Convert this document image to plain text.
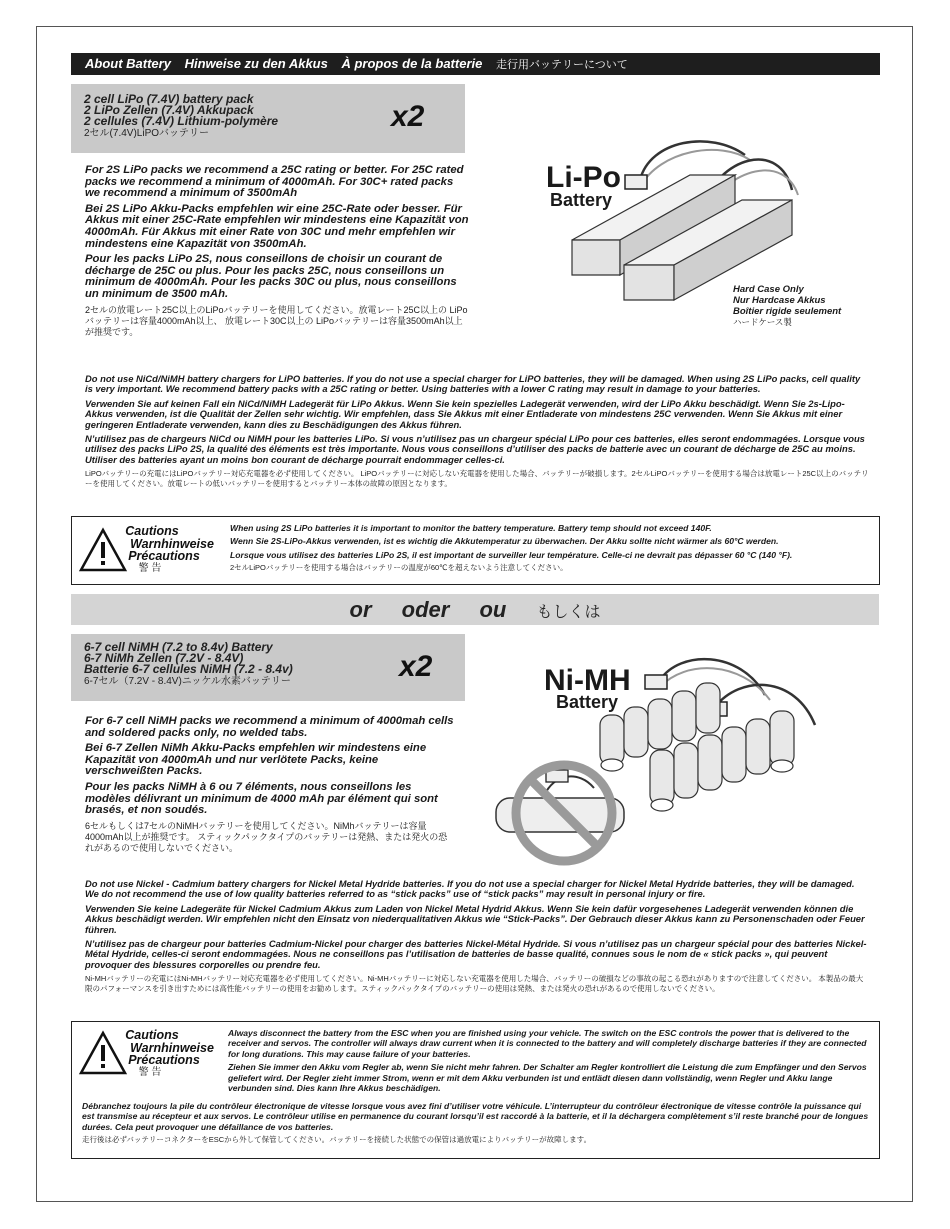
About Battery Hinweise zu den Akkus À propos de la batterie 走行用バッテリーについて
2 cell LiPo (7.4V) battery pack
2 LiPo Zellen (7.4V) Akkupack
2 cellules (7.4V) Lithium-polymère
2セル(7.4V)LiPOバッテリー
x2

For 2S LiPo packs we recommend a 25C rating or better. For 25C rated packs we recommend a minimum of 4000mAh. For 30C+ rated packs we recommend a minimum of 3500mAh

Bei 2S LiPo Akku-Packs empfehlen wir eine 25C-Rate oder besser. Für Akkus mit einer 25C-Rate empfehlen wir mindestens eine Kapazität von 4000mAh. Für Akkus mit einer Rate von 30C und mehr empfehlen wir mindestens eine Kapazität von 3500mAh.

Pour les packs LiPo 2S, nous conseillons de choisir un courant de décharge de 25C ou plus. Pour les packs 25C, nous conseillons un minimum de 4000mAh. Pour les packs 30C ou plus, nous conseillons un minimum de 3500 mAh.

2セルの放電レート25C以上のLiPoバッテリーを使用してください。放電レート25C以上の LiPoバッテリーは容量4000mAh以上、 放電レート30C以上の LiPoバッテリーは容量3500mAh以上が推奨です。

Li-Po
Battery
Hard Case Only
Nur Hardcase Akkus
Boîtier rigide seulement
ハードケース製

Do not use NiCd/NiMH battery chargers for LiPO batteries. If you do not use a special charger for LiPO batteries, they will be damaged. When using 2S LiPo packs, cell quality is very important. We recommend battery packs with a 25C rating or better. Using batteries with a lower C rating may result in damage to your batteries.

Verwenden Sie auf keinen Fall ein NiCd/NiMH Ladegerät für LiPo Akkus. Wenn Sie kein spezielles Ladegerät verwenden, wird der LiPo Akku beschädigt. Wenn Sie 2s-Lipo-Akkus verwenden, ist die Qualität der Zellen sehr wichtig. Wir empfehlen, dass Sie Akkus mit einer Entladerate von mindestens 25C verwenden. Wenn Sie Akkus mit einer geringeren Entladerate verwenden, kann dies zu Beschädigungen des Akkus führen.

N’utilisez pas de chargeurs NiCd ou NiMH pour les batteries LiPo. Si vous n’utilisez pas un chargeur spécial LiPo pour ces batteries, elles seront endommagées. Lorsque vous utilisez des packs LiPo 2S, la qualité des éléments est très importante. Nous vous conseillons d’utiliser des packs de batterie avec un courant de décharge de 25C au moins. Utiliser des batteries ayant un moins bon courant de décharge pourrait endommager celles-ci.

LiPOバッテリーの充電にはLiPOバッテリー対応充電器を必ず使用してください。 LiPOバッテリーに対応しない充電器を使用した場合、バッテリーが破損します。2セルLiPOバッテリーを使用する場合は放電レート25C以上のバッテリーを使用してください。放電レートの低いバッテリーを使用するとバッテリー本体の故障の原因となります。

Cautions
Warnhinweise
Précautions
警 告

When using 2S LiPo batteries it is important to monitor the battery temperature. Battery temp should not exceed 140F.

Wenn Sie 2S-LiPo-Akkus verwenden, ist es wichtig die Akkutemperatur zu überwachen. Der Akku sollte nicht wärmer als 60°C werden.

Lorsque vous utilisez des batteries LiPo 2S, il est important de surveiller leur température. Celle-ci ne devrait pas dépasser 60 °C (140 °F).

2セルLiPOバッテリーを使用する場合はバッテリーの温度が60℃を超えないよう注意してください。

or oder ou もしくは
6-7 cell NiMH (7.2 to 8.4v) Battery
6-7 NiMh Zellen (7.2V - 8.4V)
Batterie 6-7 cellules NiMH (7.2 - 8.4v)
6-7セル（7.2V - 8.4V)ニッケル水素バッテリー	x2

For 6-7 cell NiMH packs we recommend a minimum of 4000mah cells and soldered packs only, no welded tabs.

Bei 6-7 Zellen NiMh Akku-Packs empfehlen wir mindestens eine Kapazität von 4000mAh und nur verlötete Packs, keine verschweißten Packs.

Pour les packs NiMH à 6 ou 7 éléments, nous conseillons les modèles délivrant un minimum de 4000 mAh par élément qui sont brasés, et non soudés.

6セルもしくは7セルのNiMHバッテリーを使用してください。NiMhバッテリーは容量4000mAh以上が推奨です。 スティックパックタイプのバッテリーは発熱、または発火の恐れがあるので使用しないでください。

Ni-MH
Battery

Do not use Nickel - Cadmium battery chargers for Nickel Metal Hydride batteries. If you do not use a special charger for Nickel Metal Hydride batteries, they will be damaged. We do not recommend the use of low quality batteries referred to as “stick packs” use of “stick packs” may result in personal injury or fire.

Verwenden Sie keine Ladegeräte für Nickel Cadmium Akkus zum Laden von Nickel Metal Hydrid Akkus. Wenn Sie kein dafür vorgesehenes Ladegerät verwenden können die Akkus beschädigt werden. Wir empfehlen nicht den Einsatz von niederqualitativen Akkus wie “Stick-Packs”. Der Gebrauch dieser Akkus kann zu Personenschaden oder Feuer führen.

N’utilisez pas de chargeur pour batteries Cadmium-Nickel pour charger des batteries Nickel-Métal Hydride. Si vous n’utilisez pas un chargeur spécial pour des batteries Nickel-Métal Hydride, celles-ci seront endommagées. Nous ne conseillons pas l’utilisation de batteries de basse qualité, connues sous le nom de « stick packs », qui peuvent provoquer des blessures corporelles ou prendre feu.

Ni-MHバッテリーの充電にはNi-MHバッテリー対応充電器を必ず使用してください。Ni-MHバッテリーに対応しない充電器を使用した場合、バッテリーの破損などの事故の起こる恐れがありますので注意してください。 本製品の最大限のパフォーマンスを引き出すためには高性能バッテリーの使用をお勧めします。スティックパックタイプのバッテリーの使用は発熱、または発火の恐れがあるので使用しないでください。

Cautions
Warnhinweise
Précautions
警 告

Always disconnect the battery from the ESC when you are finished using your vehicle. The switch on the ESC controls the power that is delivered to the receiver and servos. The controller will always draw current when it is connected to the battery and will completely discharge batteries if they are connected for long durations. This may cause failure of your batteries.

Ziehen Sie immer den Akku vom Regler ab, wenn Sie nicht mehr fahren. Der Schalter am Regler kontrolliert die Leistung die zum Empfänger und den Servos geliefert wird. Der Regler zieht immer Strom, wenn er mit dem Akku verbunden ist und entlädt diesen dann vollständig, wenn Regler und Akku lange verbunden sind. Dies kann Ihre Akkus beschädigen.

Débranchez toujours la pile du contrôleur électronique de vitesse lorsque vous avez fini d’utiliser votre véhicule. L’interrupteur du contrôleur électronique de vitesse contrôle la puissance qui est transmise au récepteur et aux servos. Le contrôleur utilise en permanence du courant lorsqu’il est raccordé à la batterie, et il la déchargera complètement s’il reste branché pour de longues durées. Cela peut provoquer une défaillance de vos batteries.

走行後は必ずバッテリーコネクターをESCから外して保管してください。バッテリーを接続した状態での保管は過放電によりバッテリーが故障します。
